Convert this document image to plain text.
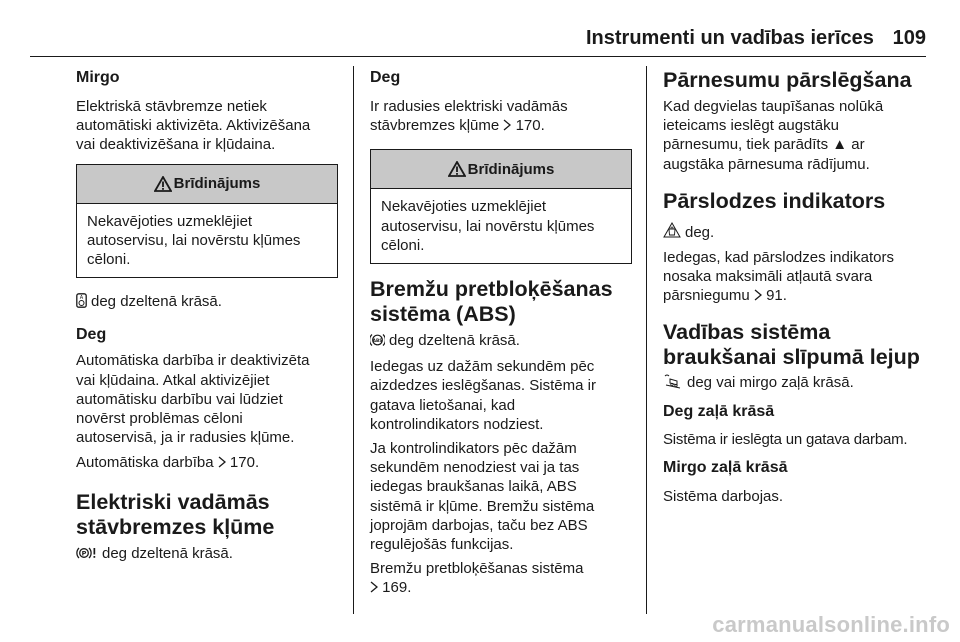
Instrumenti un vadības ierīces 109
Mirgo

Elektriskā stāvbremze netiek

automātiski aktivizēta. Aktivizēšana

vai deaktivizēšana ir kļūdaina.

Brīdinājums
Nekavējoties uzmeklējiet
autoservisu, lai novērstu kļūmes
cēloni.

A deg dzeltenā krāsā.

Deg

Automātiska darbība ir deaktivizēta

vai kļūdaina. Atkal aktivizējiet

automātisku darbību vai lūdziet

novērst problēmas cēloni

autoservisā, ja ir radusies kļūme.

Automātiska darbība 170.

Elektriski vadāmās
stāvbremzes kļūme

P deg dzeltenā krāsā.

Deg

Ir radusies elektriski vadāmās

stāvbremzes kļūme 170.

Brīdinājums
Nekavējoties uzmeklējiet
autoservisu, lai novērstu kļūmes
cēloni.
Bremžu pretbloķēšanas
sistēma (ABS)

ABS deg dzeltenā krāsā.

Iedegas uz dažām sekundēm pēc

aizdedzes ieslēgšanas. Sistēma ir

gatava lietošanai, kad

kontrolindikators nodziest.

Ja kontrolindikators pēc dažām

sekundēm nenodziest vai ja tas

iedegas braukšanas laikā, ABS

sistēmā ir kļūme. Bremžu sistēma

joprojām darbojas, taču bez ABS

regulējošās funkcijas.

Bremžu pretbloķēšanas sistēma

169.

Pārnesumu pārslēgšana

Kad degvielas taupīšanas nolūkā

ieteicams ieslēgt augstāku

pārnesumu, tiek parādīts ▲ ar

augstāka pārnesuma rādījumu.

Pārslodzes indikators

deg.

Iedegas, kad pārslodzes indikators

nosaka maksimāli atļautā svara

pārsniegumu 91.

Vadības sistēma
braukšanai slīpumā lejup

deg vai mirgo zaļā krāsā.

Deg zaļā krāsā

Sistēma ir ieslēgta un gatava darbam.

Mirgo zaļā krāsā

Sistēma darbojas.

carmanualsonline.info
